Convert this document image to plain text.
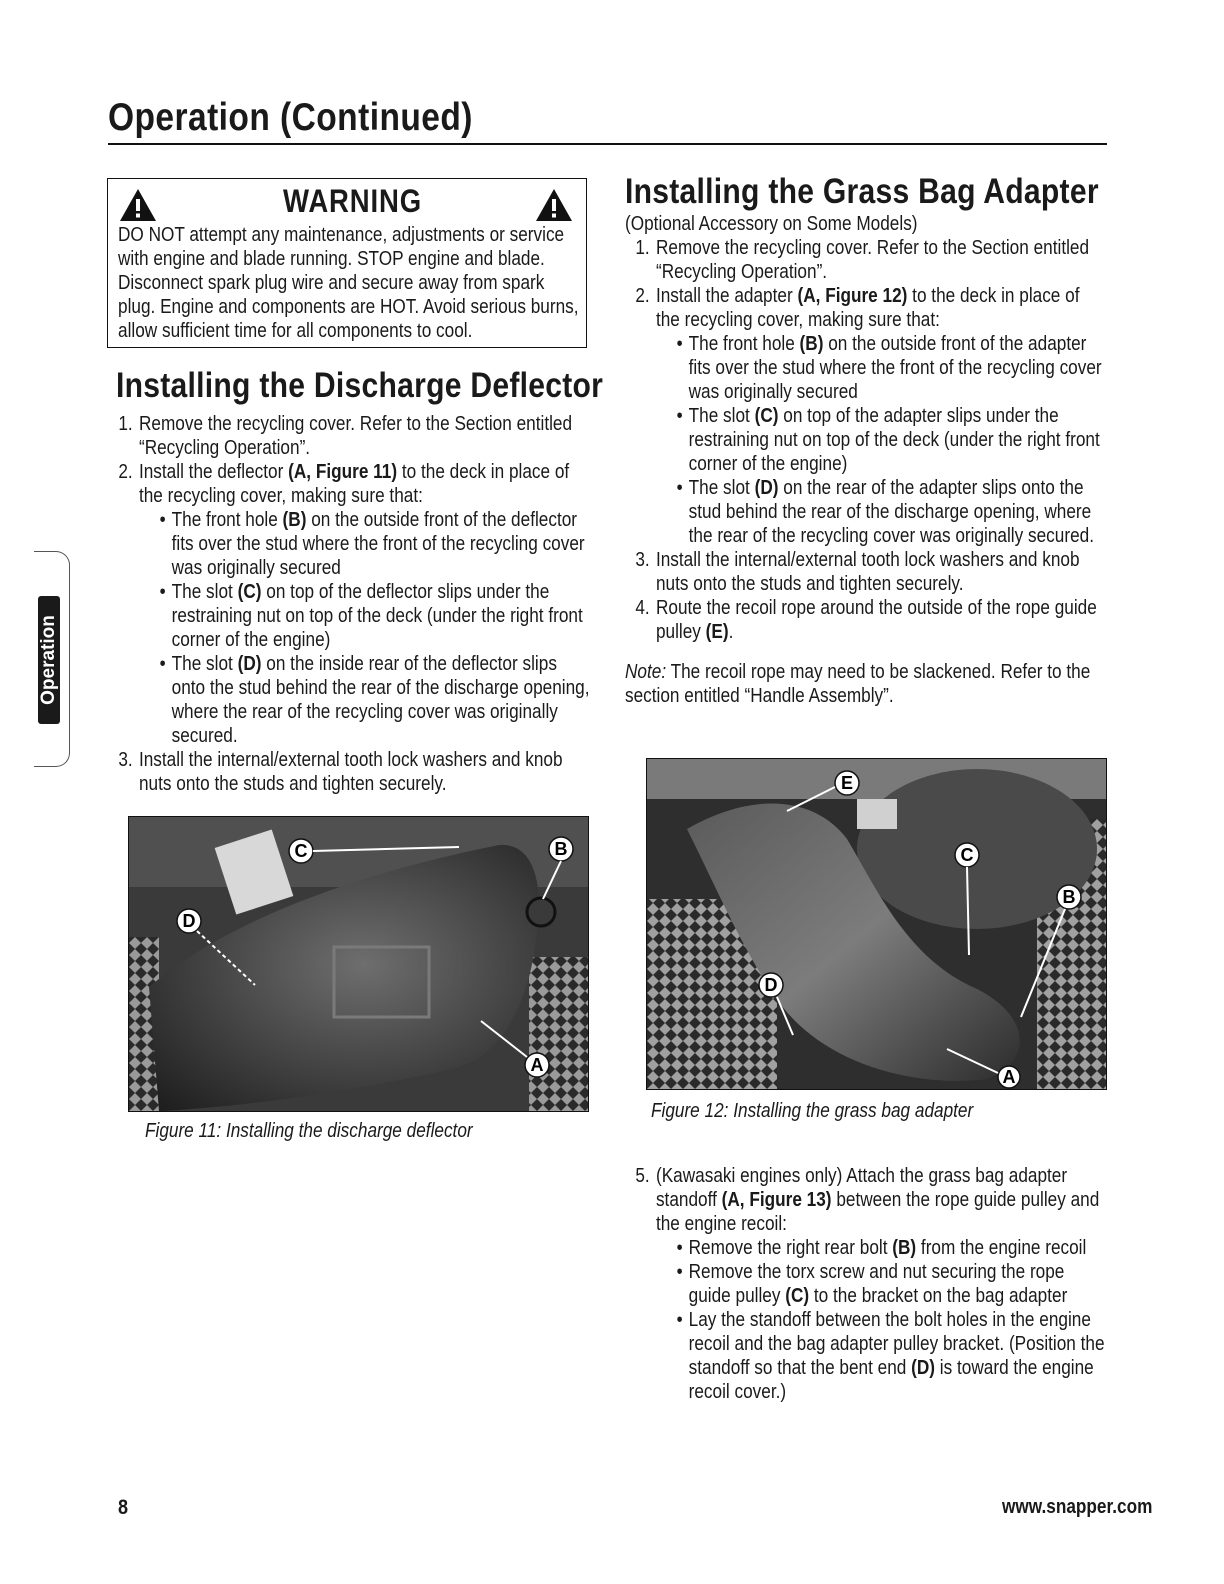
Operation (Continued)
WARNING

DO NOT attempt any maintenance, adjustments or service with engine and blade running. STOP engine and blade. Disconnect spark plug wire and secure away from spark plug. Engine and components are HOT. Avoid serious burns, allow sufficient time for all components to cool.

Installing the Discharge Deflector
1. Remove the recycling cover. Refer to the Section entitled “Recycling Operation”.
2. Install the deflector (A, Figure 11) to the deck in place of the recycling cover, making sure that:
• The front hole (B) on the outside front of the deflector fits over the stud where the front of the recycling cover was originally secured
• The slot (C) on top of the deflector slips under the restraining nut on top of the deck (under the right front corner of the engine)
• The slot (D) on the inside rear of the deflector slips onto the stud behind the rear of the discharge opening, where the rear of the recycling cover was originally secured.
3. Install the internal/external tooth lock washers and knob nuts onto the studs and tighten securely.
C	B
D
A
Figure 11: Installing the discharge deflector
Installing the Grass Bag Adapter

(Optional Accessory on Some Models)

1. Remove the recycling cover. Refer to the Section entitled “Recycling Operation”.
2. Install the adapter (A, Figure 12) to the deck in place of the recycling cover, making sure that:
• The front hole (B) on the outside front of the adapter fits over the stud where the front of the recycling cover was originally secured
• The slot (C) on top of the adapter slips under the restraining nut on top of the deck (under the right front corner of the engine)
• The slot (D) on the rear of the adapter slips onto the stud behind the rear of the discharge opening, where the rear of the recycling cover was originally secured.
3. Install the internal/external tooth lock washers and knob nuts onto the studs and tighten securely.
4. Route the recoil rope around the outside of the rope guide pulley (E).

Note: The recoil rope may need to be slackened. Refer to the section entitled “Handle Assembly”.

E
C
B
D
A
Figure 12: Installing the grass bag adapter
5. (Kawasaki engines only) Attach the grass bag adapter standoff (A, Figure 13) between the rope guide pulley and the engine recoil:
• Remove the right rear bolt (B) from the engine recoil
• Remove the torx screw and nut securing the rope guide pulley (C) to the bracket on the bag adapter
• Lay the standoff between the bolt holes in the engine recoil and the bag adapter pulley bracket. (Position the standoff so that the bent end (D) is toward the engine recoil cover.)
Operation
8	www.snapper.com
